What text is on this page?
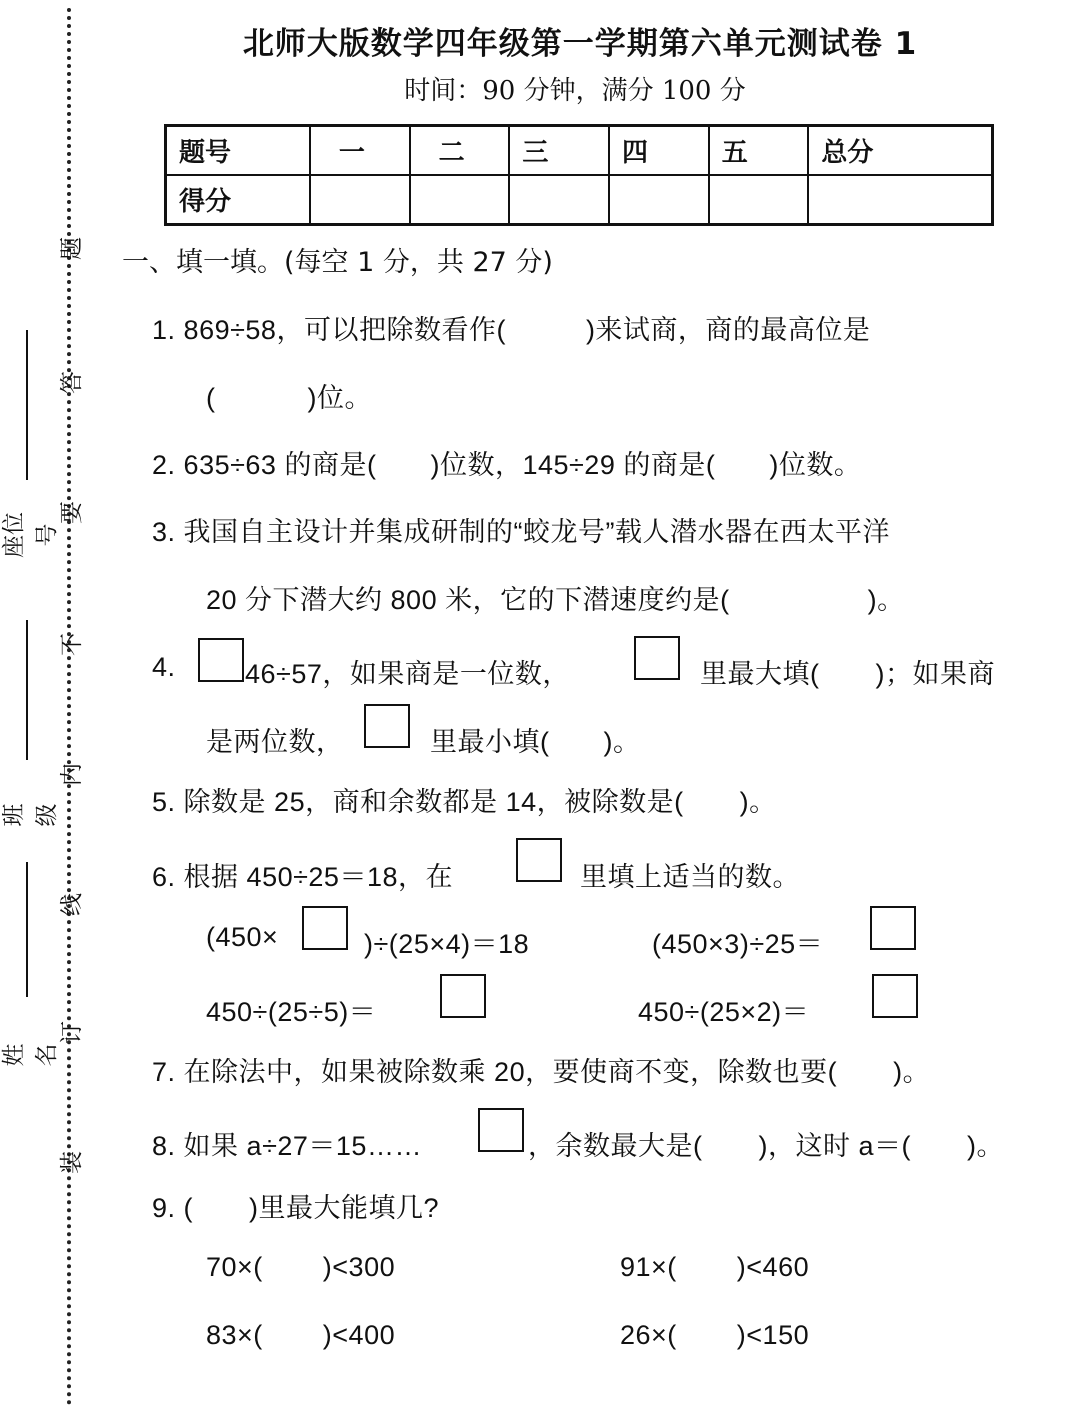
题
答
要
不
内
线
订
装
座位号
班级
姓名
北师大版数学四年级第一学期第六单元测试卷 1
时间：90 分钟，满分 100 分
题号	一	二	三	四	五	总分
得分						
一、填一填。(每空 1 分，共 27 分)
1. 869÷58，可以把除数看作(	)来试商，商的最高位是
(	)位。
2. 635÷63 的商是( )位数，145÷29 的商是( )位数。
3. 我国自主设计并集成研制的“蛟龙号”载人潜水器在西太平洋
20 分下潜大约 800 米，它的下潜速度约是(	)。
4.	46÷57，如果商是一位数，	里最大填( )；如果商
是两位数，	里最小填( )。
5. 除数是 25，商和余数都是 14，被除数是( )。
6. 根据 450÷25＝18，在	里填上适当的数。
(450×	)÷(25×4)＝18	(450×3)÷25＝
450÷(25÷5)＝	450÷(25×2)＝
7. 在除法中，如果被除数乘 20，要使商不变，除数也要( )。
8. 如果 a÷27＝15……	，余数最大是( )，这时 a＝( )。
9. ( )里最大能填几?
70×( )<300	91×( )<460
83×( )<400	26×( )<150
